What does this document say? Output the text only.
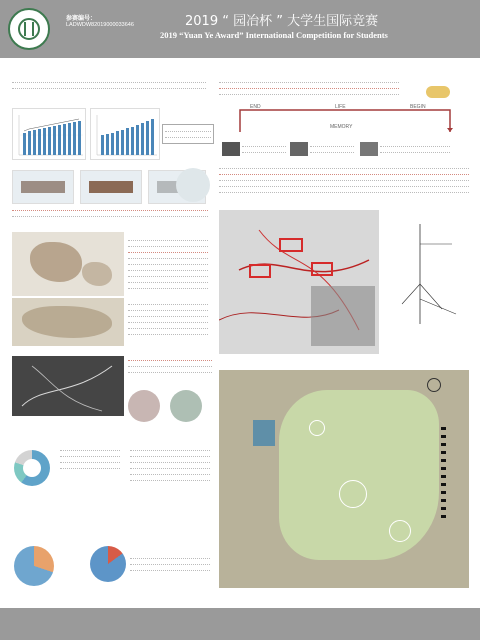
参赛编号：
LADWDW82019000033646	2019 “ 园冶杯 ” 大学生国际竞赛
2019 “Yuan Ye Award” International Competition for Students
END	LIFE	BEGIN
MEMORY
